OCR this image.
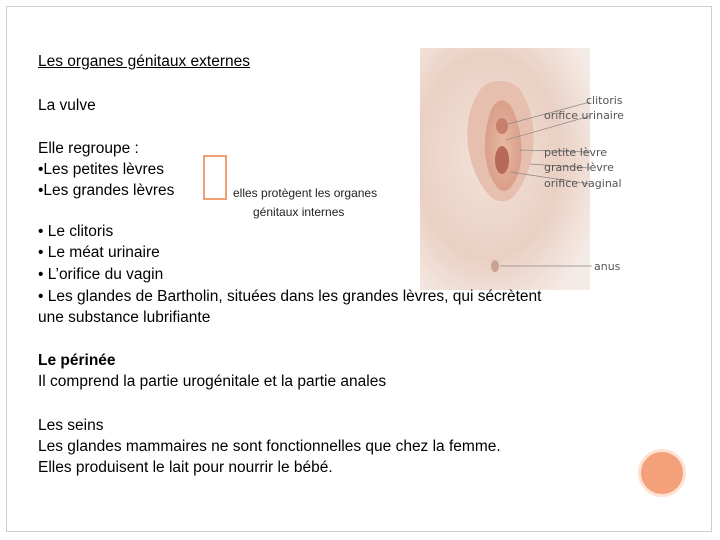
Les organes génitaux externes
La vulve
Elle regroupe :
•Les petites lèvres
•Les grandes lèvres	elles protègent les organes
génitaux internes
clitoris
orifice urinaire
petite lèvre
grande lèvre
orifice vaginal
anus
• Le clitoris
• Le méat urinaire
• L’orifice du vagin
• Les glandes de Bartholin, situées dans les grandes lèvres, qui sécrètent
une substance lubrifiante
Le périnée
Il comprend la partie urogénitale et la partie anales
Les seins
Les glandes mammaires ne sont fonctionnelles que chez la femme.
Elles produisent le lait pour nourrir le bébé.
